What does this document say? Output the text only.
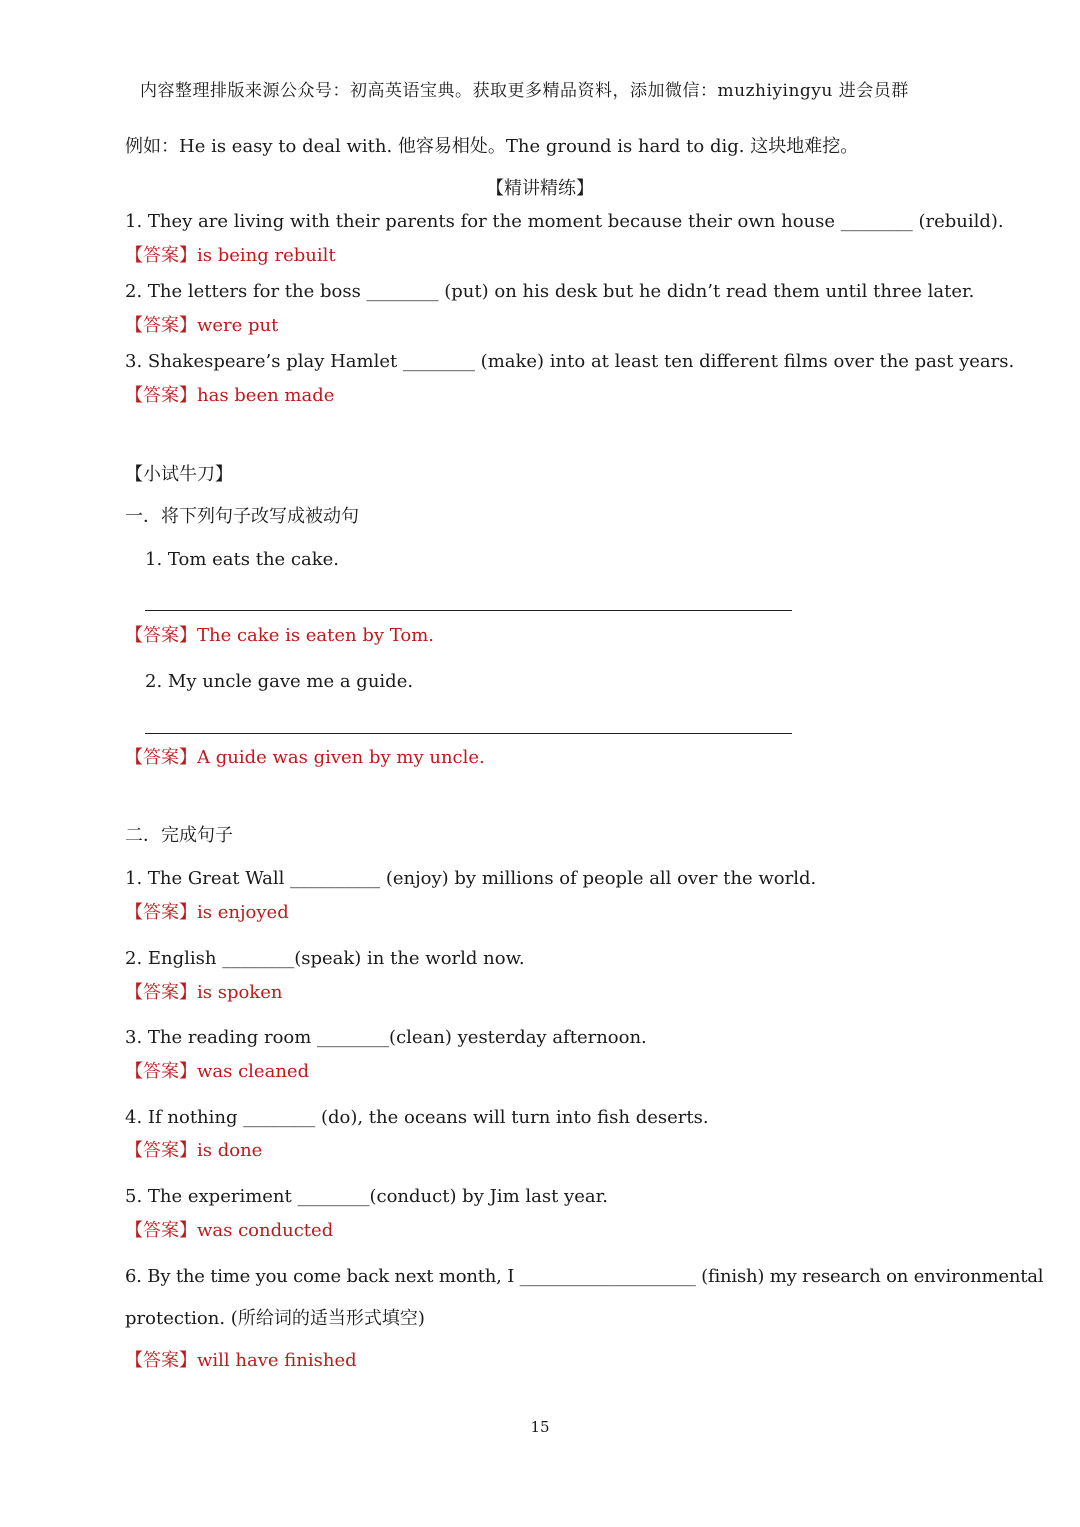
内容整理排版来源公众号：初高英语宝典。获取更多精品资料，添加微信：muzhiyingyu 进会员群
例如：He is easy to deal with. 他容易相处。The ground is hard to dig. 这块地难挖。
【精讲精练】
1. They are living with their parents for the moment because their own house ________ (rebuild).
【答案】is being rebuilt
2. The letters for the boss ________ (put) on his desk but he didn’t read them until three later.
【答案】were put
3. Shakespeare’s play Hamlet ________ (make) into at least ten different films over the past years.
【答案】has been made
【小试牛刀】
一．将下列句子改写成被动句
1. Tom eats the cake.
【答案】The cake is eaten by Tom.
2. My uncle gave me a guide.
【答案】A guide was given by my uncle.
二．完成句子
1. The Great Wall __________ (enjoy) by millions of people all over the world.
【答案】is enjoyed
2. English ________(speak) in the world now.
【答案】is spoken
3. The reading room ________(clean) yesterday afternoon.
【答案】was cleaned
4. If nothing ________ (do), the oceans will turn into fish deserts.
【答案】is done
5. The experiment ________(conduct) by Jim last year.
【答案】was conducted
6. By the time you come back next month, I ____________________ (finish) my research on environmental
protection. (所给词的适当形式填空)
【答案】will have finished
15
